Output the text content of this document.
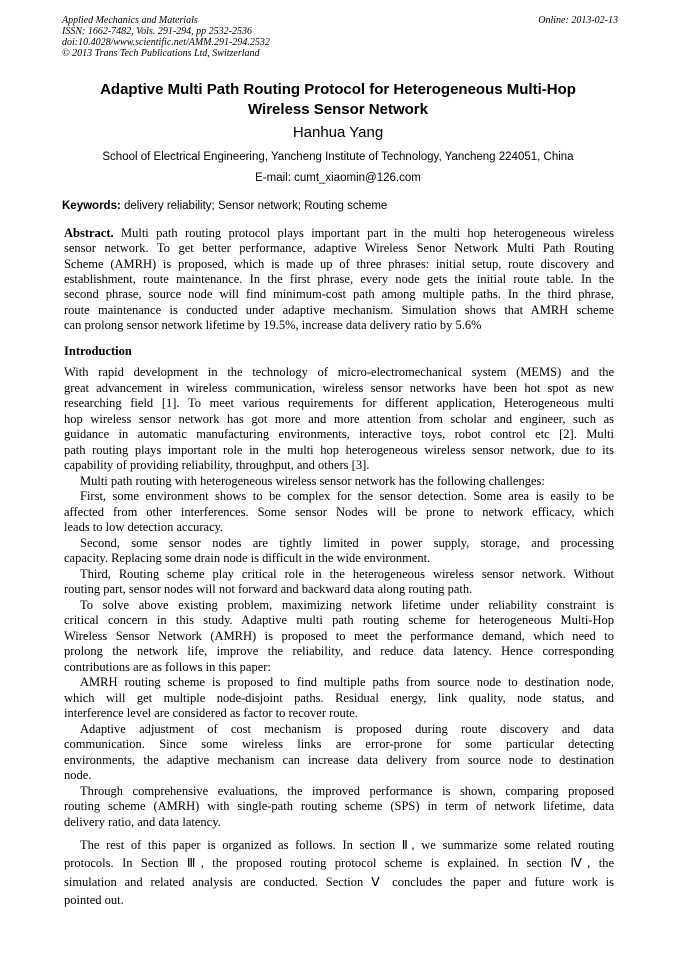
Applied Mechanics and Materials	Online: 2013-02-13
ISSN: 1662-7482, Vols. 291-294, pp 2532-2536
doi:10.4028/www.scientific.net/AMM.291-294.2532
© 2013 Trans Tech Publications Ltd, Switzerland
Adaptive Multi Path Routing Protocol for Heterogeneous Multi-Hop
Wireless Sensor Network
Hanhua Yang
School of Electrical Engineering, Yancheng Institute of Technology, Yancheng 224051, China
E-mail: cumt_xiaomin@126.com
Keywords: delivery reliability; Sensor network; Routing scheme
Abstract. Multi path routing protocol plays important part in the multi hop heterogeneous wireless
sensor network. To get better performance, adaptive Wireless Senor Network Multi Path Routing
Scheme (AMRH) is proposed, which is made up of three phrases: initial setup, route discovery and
establishment, route maintenance. In the first phrase, every node gets the initial route table. In the
second phrase, source node will find minimum-cost path among multiple paths. In the third phrase,
route maintenance is conducted under adaptive mechanism. Simulation shows that AMRH scheme
can prolong sensor network lifetime by 19.5%, increase data delivery ratio by 5.6%
Introduction
With rapid development in the technology of micro-electromechanical system (MEMS) and the
great advancement in wireless communication, wireless sensor networks have been hot spot as new
researching field [1]. To meet various requirements for different application, Heterogeneous multi
hop wireless sensor network has got more and more attention from scholar and engineer, such as
guidance in automatic manufacturing environments, interactive toys, robot control etc [2]. Multi
path routing plays important role in the multi hop heterogeneous wireless sensor network, due to its
capability of providing reliability, throughput, and others [3].
Multi path routing with heterogeneous wireless sensor network has the following challenges:
First, some environment shows to be complex for the sensor detection. Some area is easily to be
affected from other interferences. Some sensor Nodes will be prone to network efficacy, which
leads to low detection accuracy.
Second, some sensor nodes are tightly limited in power supply, storage, and processing
capacity. Replacing some drain node is difficult in the wide environment.
Third, Routing scheme play critical role in the heterogeneous wireless sensor network. Without
routing part, sensor nodes will not forward and backward data along routing path.
To solve above existing problem, maximizing network lifetime under reliability constraint is
critical concern in this study. Adaptive multi path routing scheme for heterogeneous Multi-Hop
Wireless Sensor Network (AMRH) is proposed to meet the performance demand, which need to
prolong the network life, improve the reliability, and reduce data latency. Hence corresponding
contributions are as follows in this paper:
AMRH routing scheme is proposed to find multiple paths from source node to destination node,
which will get multiple node-disjoint paths. Residual energy, link quality, node status, and
interference level are considered as factor to recover route.
Adaptive adjustment of cost mechanism is proposed during route discovery and data
communication. Since some wireless links are error-prone for some particular detecting
environments, the adaptive mechanism can increase data delivery from source node to destination
node.
Through comprehensive evaluations, the improved performance is shown, comparing proposed
routing scheme (AMRH) with single-path routing scheme (SPS) in term of network lifetime, data
delivery ratio, and data latency.
The rest of this paper is organized as follows. In section Ⅱ, we summarize some related routing
protocols. In Section Ⅲ, the proposed routing protocol scheme is explained. In section Ⅳ, the
simulation and related analysis are conducted. Section Ⅴ concludes the paper and future work is
pointed out.
